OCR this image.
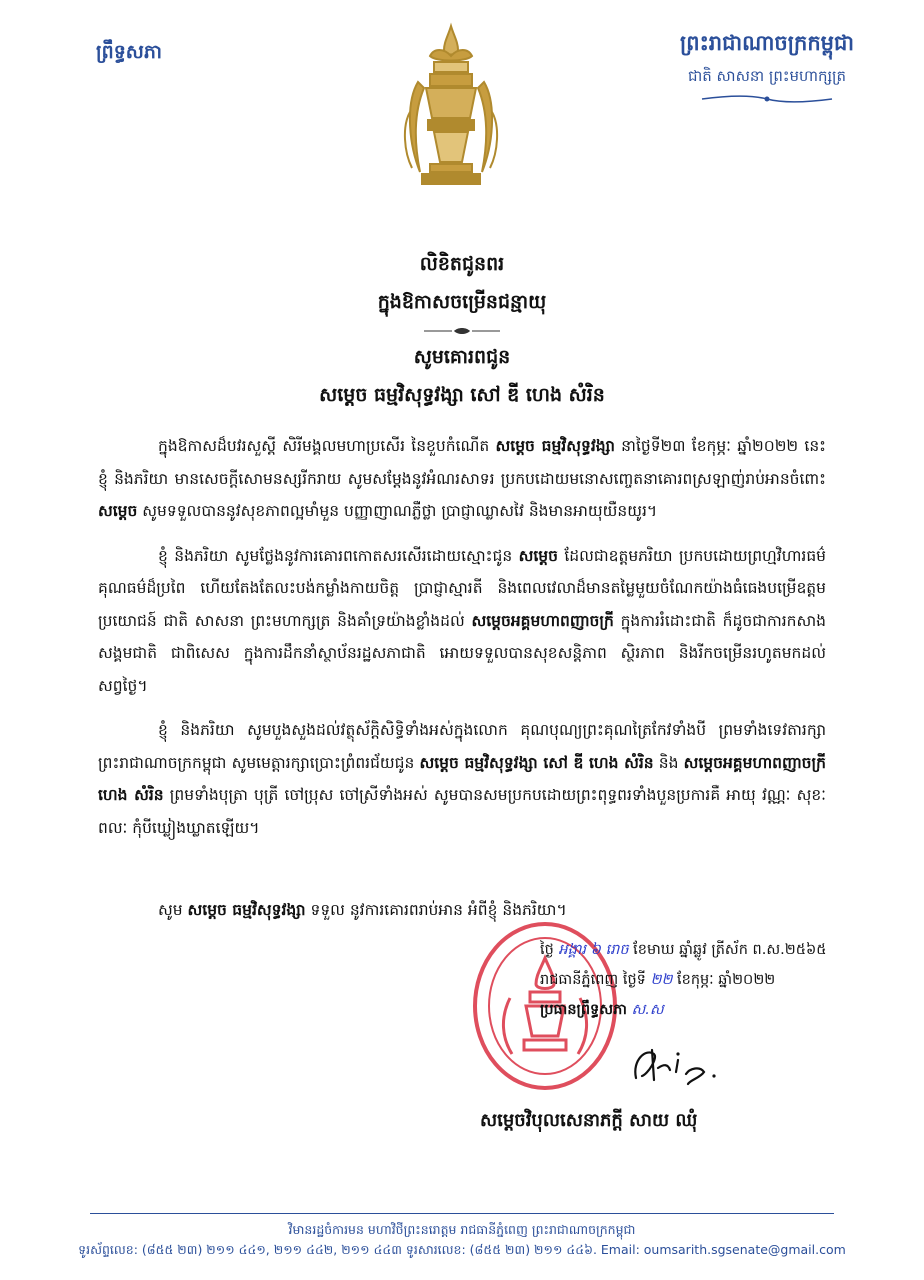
ព្រឹទ្ធសភា	ព្រះរាជាណាចក្រកម្ពុជា
ជាតិ សាសនា ព្រះមហាក្សត្រ
លិខិតជូនពរ
ក្នុងឱកាសចម្រើនជន្មាយុ
សូមគោរពជូន
សម្តេច ធម្មវិសុទ្ធវង្សា សៅ ឌី ហេង សំរិន

ក្នុងឱកាសដ៏បវរសួស្តី សិរីមង្គលមហាប្រសើរ នៃខួបកំណើត សម្តេច ធម្មវិសុទ្ធវង្សា នាថ្ងៃទី២៣ ខែកុម្ភៈ ឆ្នាំ២០២២ នេះ ខ្ញុំ និងភរិយា មានសេចក្តីសោមនស្សរីករាយ សូមសម្តែងនូវអំណរសាទរ ប្រកបដោយមនោសញ្ចេតនាគោរពស្រឡាញ់រាប់អានចំពោះ សម្តេច សូមទទួលបាននូវសុខភាពល្អមាំមួន បញ្ញាញាណភ្លឺថ្លា ប្រាជ្ញាឈ្លាសវៃ និងមានអាយុយឺនយូរ។

ខ្ញុំ និងភរិយា សូមថ្លែងនូវការគោរពកោតសរសើរដោយស្មោះជូន សម្តេច ដែលជាឧត្តមភរិយា ប្រកបដោយព្រហ្មវិហារធម៌ គុណធម៌ដ៏ប្រពៃ ហើយតែងតែលះបង់កម្លាំងកាយចិត្ត ប្រាជ្ញាស្មារតី និងពេលវេលាដ៏មានតម្លៃមួយចំណែកយ៉ាងធំធេងបម្រើឧត្តមប្រយោជន៍ ជាតិ សាសនា ព្រះមហាក្សត្រ និងគាំទ្រយ៉ាងខ្លាំងដល់ សម្តេចអគ្គមហាពញាចក្រី ក្នុងការរំដោះជាតិ ក៏ដូចជាការកសាងសង្គមជាតិ ជាពិសេស ក្នុងការដឹកនាំស្ថាប័នរដ្ឋសភាជាតិ អោយទទួលបានសុខសន្តិភាព ស្ថិរភាព និងរីកចម្រើនរហូតមកដល់សព្វថ្ងៃ។

ខ្ញុំ និងភរិយា សូមបួងសួងដល់វត្ថុស័ក្តិសិទ្ធិទាំងអស់ក្នុងលោក គុណបុណ្យព្រះគុណត្រៃកែវទាំងបី ព្រមទាំងទេវតារក្សាព្រះរាជាណាចក្រកម្ពុជា សូមមេត្តារក្សាប្រោះព្រំពរជ័យជូន សម្តេច ធម្មវិសុទ្ធវង្សា សៅ ឌី ហេង សំរិន និង សម្តេចអគ្គមហាពញាចក្រី ហេង សំរិន ព្រមទាំងបុត្រា បុត្រី ចៅប្រុស ចៅស្រីទាំងអស់ សូមបានសមប្រកបដោយព្រះពុទ្ធពរទាំងបួនប្រការគឺ អាយុ វណ្ណៈ សុខៈ ពលៈ កុំបីឃ្លៀងឃ្លាតឡើយ។

សូម សម្តេច ធម្មវិសុទ្ធវង្សា ទទួល នូវការគោរពរាប់អាន អំពីខ្ញុំ និងភរិយា។
ថ្ងៃ អង្គារ ៦ រោច ខែមាឃ ឆ្នាំឆ្លូវ ត្រីស័ក ព.ស.២៥៦៥
រាជធានីភ្នំពេញ ថ្ងៃទី ២២ ខែកុម្ភៈ ឆ្នាំ២០២២
ប្រធានព្រឹទ្ធសភា ស.ស
សម្តេចវិបុលសេនាភក្តី សាយ ឈុំ
វិមានរដ្ឋចំការមន មហាវិថីព្រះនរោត្តម រាជធានីភ្នំពេញ ព្រះរាជាណាចក្រកម្ពុជា
ទូរស័ព្ទលេខ: (៨៥៥ ២៣) ២១១ ៤៤១, ២១១ ៤៤២, ២១១ ៤៤៣ ទូរសារលេខ: (៨៥៥ ២៣) ២១១ ៤៤៦. Email: oumsarith.sgsenate@gmail.com
